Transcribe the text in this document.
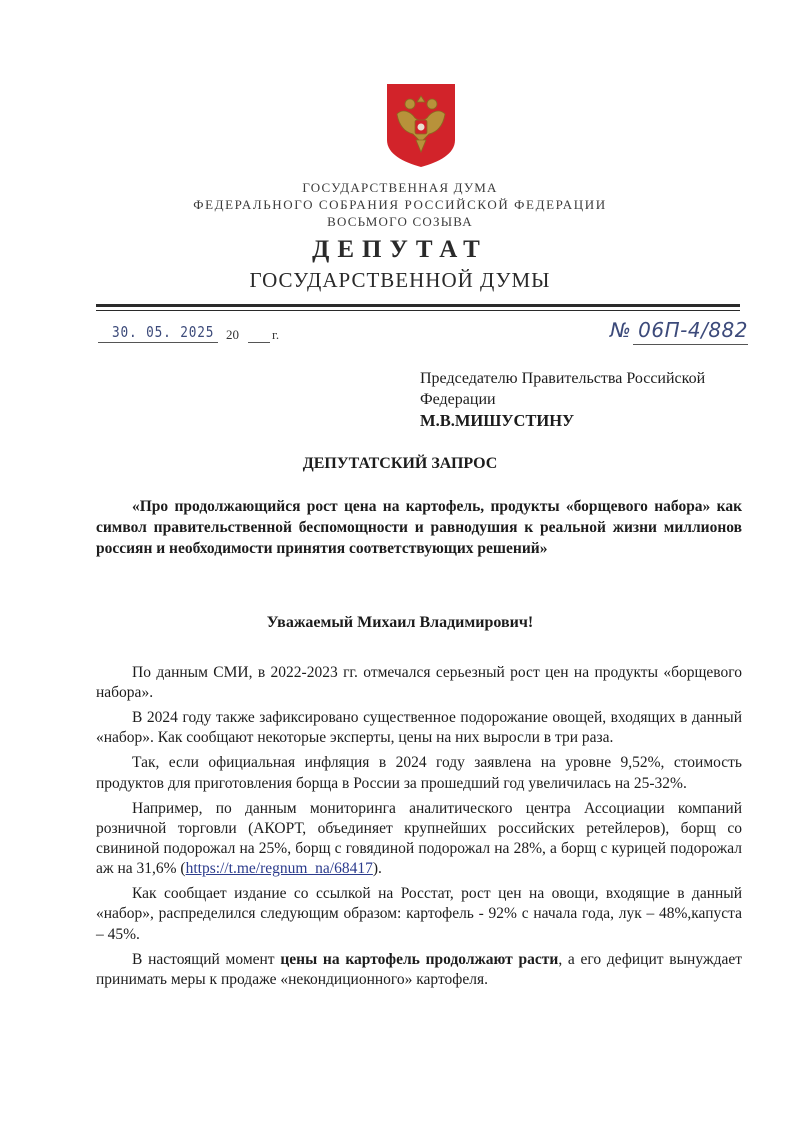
ГОСУДАРСТВЕННАЯ ДУМА
ФЕДЕРАЛЬНОГО СОБРАНИЯ РОССИЙСКОЙ ФЕДЕРАЦИИ
ВОСЬМОГО СОЗЫВА
ДЕПУТАТ
ГОСУДАРСТВЕННОЙ ДУМЫ
30. 05. 2025 20	г.	№ 06П-4/882
Председателю Правительства Российской
Федерации
М.В.МИШУСТИНУ
ДЕПУТАТСКИЙ ЗАПРОС
«Про продолжающийся рост цена на картофель, продукты «борщевого набора» как символ правительственной беспомощности и равнодушия к реальной жизни миллионов россиян и необходимости принятия соответствующих решений»
Уважаемый Михаил Владимирович!

По данным СМИ, в 2022-2023 гг. отмечался серьезный рост цен на продукты «борщевого набора».

В 2024 году также зафиксировано существенное подорожание овощей, входящих в данный «набор». Как сообщают некоторые эксперты, цены на них выросли в три раза.

Так, если официальная инфляция в 2024 году заявлена на уровне 9,52%, стоимость продуктов для приготовления борща в России за прошедший год увеличилась на 25-32%.

Например, по данным мониторинга аналитического центра Ассоциации компаний розничной торговли (АКОРТ, объединяет крупнейших российских ретейлеров), борщ со свининой подорожал на 25%, борщ с говядиной подорожал на 28%, а борщ с курицей подорожал аж на 31,6% (https://t.me/regnum_na/68417).

Как сообщает издание со ссылкой на Росстат, рост цен на овощи, входящие в данный «набор», распределился следующим образом: картофель - 92% с начала года, лук – 48%,капуста – 45%.

В настоящий момент цены на картофель продолжают расти, а его дефицит вынуждает принимать меры к продаже «некондиционного» картофеля.
